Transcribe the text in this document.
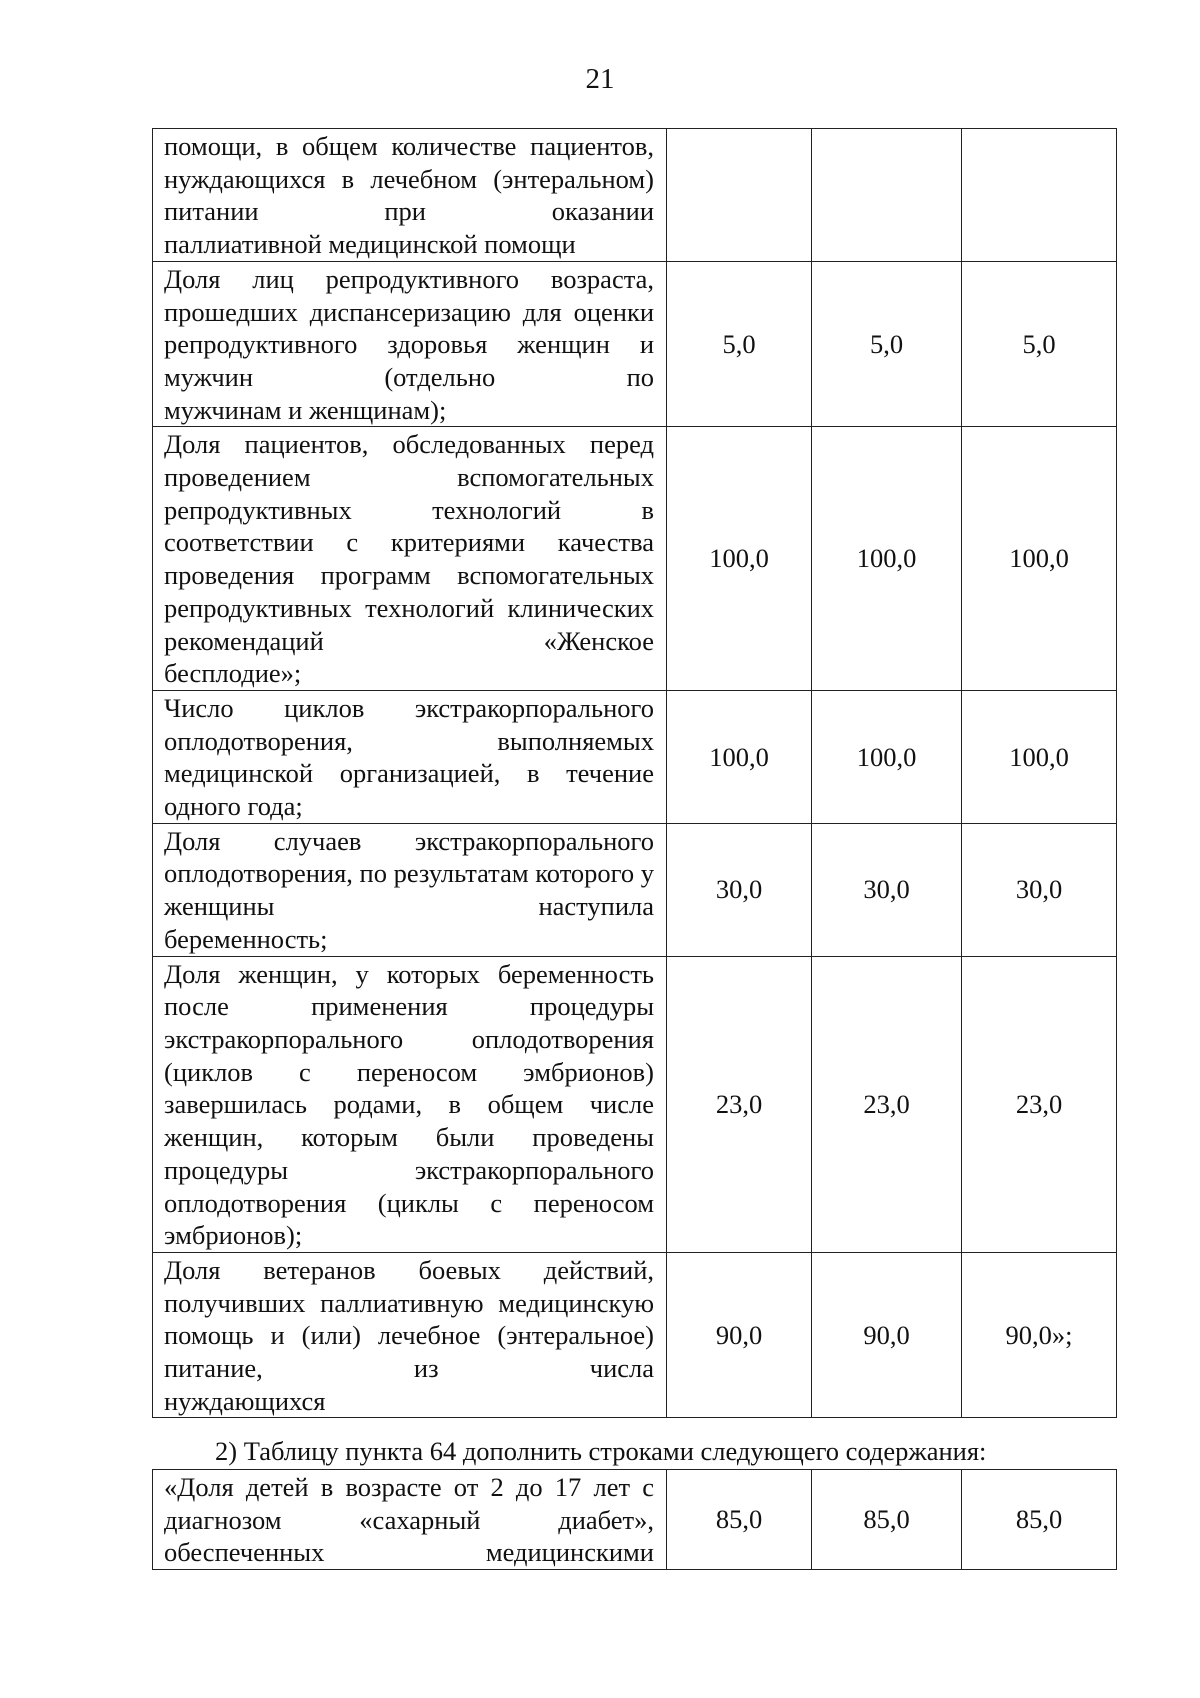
21
помощи, в общем количестве пациентов, нуждающихся в лечебном (энтеральном) питании при оказании
паллиативной медицинской помощи			

Доля лиц репродуктивного возраста, прошедших диспансеризацию для оценки репродуктивного здоровья женщин и мужчин (отдельно по
мужчинам и женщинам);	5,0	5,0	5,0
Доля пациентов, обследованных перед проведением вспомогательных репродуктивных технологий в соответствии с критериями качества проведения программ вспомогательных репродуктивных технологий клинических рекомендаций «Женское
бесплодие»;	100,0	100,0	100,0
Число циклов экстракорпорального оплодотворения, выполняемых медицинской организацией, в течение
одного года;	100,0	100,0	100,0
Доля случаев экстракорпорального оплодотворения, по результатам которого у женщины наступила
беременность;	30,0	30,0	30,0
Доля женщин, у которых беременность после применения процедуры экстракорпорального оплодотворения (циклов с переносом эмбрионов) завершилась родами, в общем числе женщин, которым были проведены процедуры экстракорпорального оплодотворения (циклы с переносом
эмбрионов);	23,0	23,0	23,0
Доля ветеранов боевых действий, получивших паллиативную медицинскую помощь и (или) лечебное (энтеральное) питание, из числа
нуждающихся	90,0	90,0	90,0»;
2) Таблицу пункта 64 дополнить строками следующего содержания:
«Доля детей в возрасте от 2 до 17 лет с диагнозом «сахарный диабет», обеспеченных медицинскими	85,0	85,0	85,0
